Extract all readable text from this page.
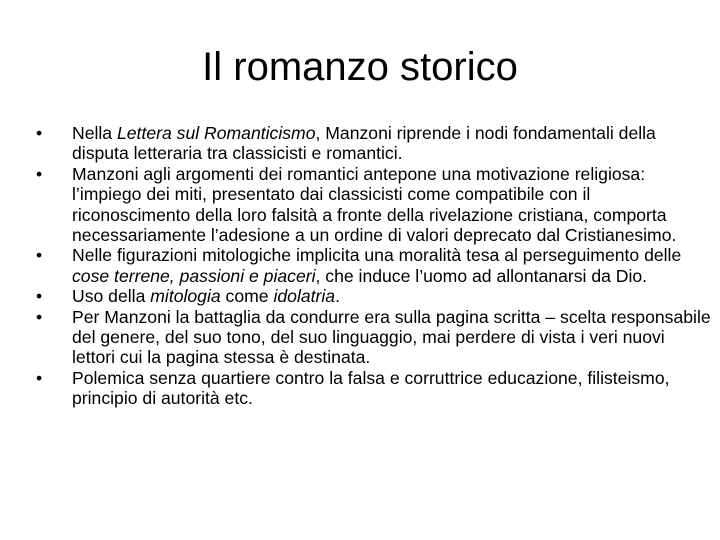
Il romanzo storico
•	Nella Lettera sul Romanticismo, Manzoni riprende i nodi fondamentali della disputa letteraria tra classicisti e romantici.
•	Manzoni agli argomenti dei romantici antepone una motivazione religiosa: l’impiego dei miti, presentato dai classicisti come compatibile con il riconoscimento della loro falsità a fronte della rivelazione cristiana, comporta necessariamente l’adesione a un ordine di valori deprecato dal Cristianesimo.
•	Nelle figurazioni mitologiche implicita una moralità tesa al perseguimento delle cose terrene, passioni e piaceri, che induce l’uomo ad allontanarsi da Dio.
•	Uso della mitologia come idolatria.
•	Per Manzoni la battaglia da condurre era sulla pagina scritta – scelta responsabile del genere, del suo tono, del suo linguaggio, mai perdere di vista i veri nuovi lettori cui la pagina stessa è destinata.
•	Polemica senza quartiere contro la falsa e corruttrice educazione, filisteismo, principio di autorità etc.
